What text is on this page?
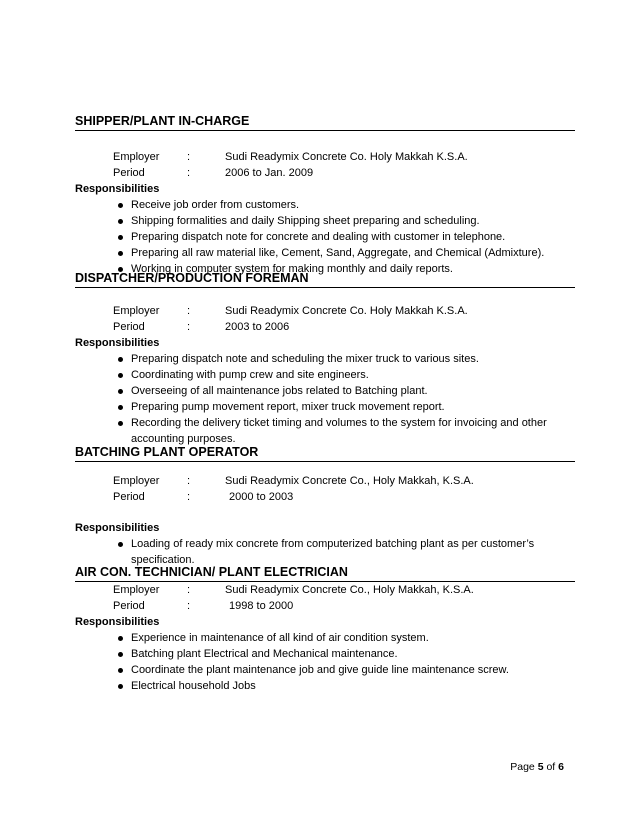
SHIPPER/PLANT IN-CHARGE
Employer	:	Sudi Readymix Concrete Co. Holy Makkah K.S.A.
Period	:	2006 to Jan. 2009
Responsibilities
Receive job order from customers.
Shipping formalities and daily Shipping sheet preparing and scheduling.
Preparing dispatch note for concrete and dealing with customer in telephone.
Preparing all raw material like, Cement, Sand, Aggregate, and Chemical (Admixture).
Working in computer system for making monthly and daily reports.
DISPATCHER/PRODUCTION FOREMAN
Employer	:	Sudi Readymix Concrete Co. Holy Makkah K.S.A.
Period	:	2003 to 2006
Responsibilities
Preparing dispatch note and scheduling the mixer truck to various sites.
Coordinating with pump crew and site engineers.
Overseeing of all maintenance jobs related to Batching plant.
Preparing pump movement report, mixer truck movement report.
Recording the delivery ticket timing and volumes to the system for invoicing and other accounting purposes.
BATCHING PLANT OPERATOR
Employer	:	Sudi Readymix Concrete Co., Holy Makkah, K.S.A.
Period	:	2000 to 2003
Responsibilities
Loading of ready mix concrete from computerized batching plant as per customer’s specification.
AIR CON. TECHNICIAN/ PLANT ELECTRICIAN
Employer	:	Sudi Readymix Concrete Co., Holy Makkah, K.S.A.
Period	:	1998 to 2000
Responsibilities
Experience in maintenance of all kind of air condition system.
Batching plant Electrical and Mechanical maintenance.
Coordinate the plant maintenance job and give guide line maintenance screw.
Electrical household Jobs
Page 5 of 6
